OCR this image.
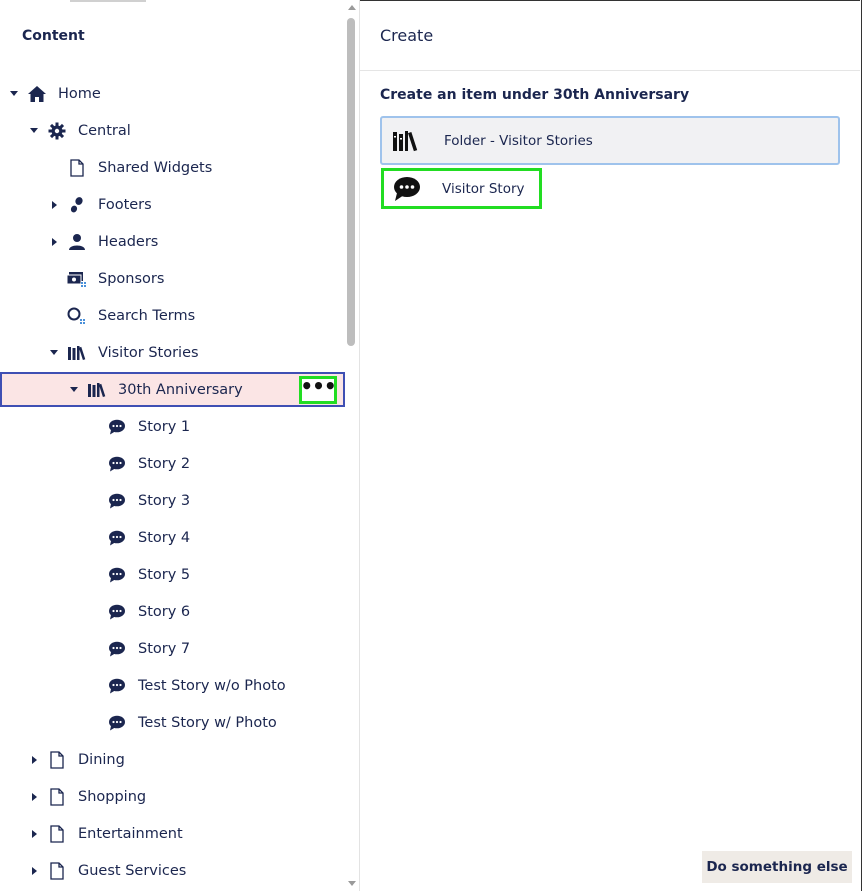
Content
Home
Central
Shared Widgets
Footers
Headers
Sponsors
Search Terms
Visitor Stories
30th Anniversary	•••
Story 1
Story 2
Story 3
Story 4
Story 5
Story 6
Story 7
Test Story w/o Photo
Test Story w/ Photo
Dining
Shopping
Entertainment
Guest Services
Create
Create an item under 30th Anniversary
Folder - Visitor Stories
Visitor Story
Do something else
